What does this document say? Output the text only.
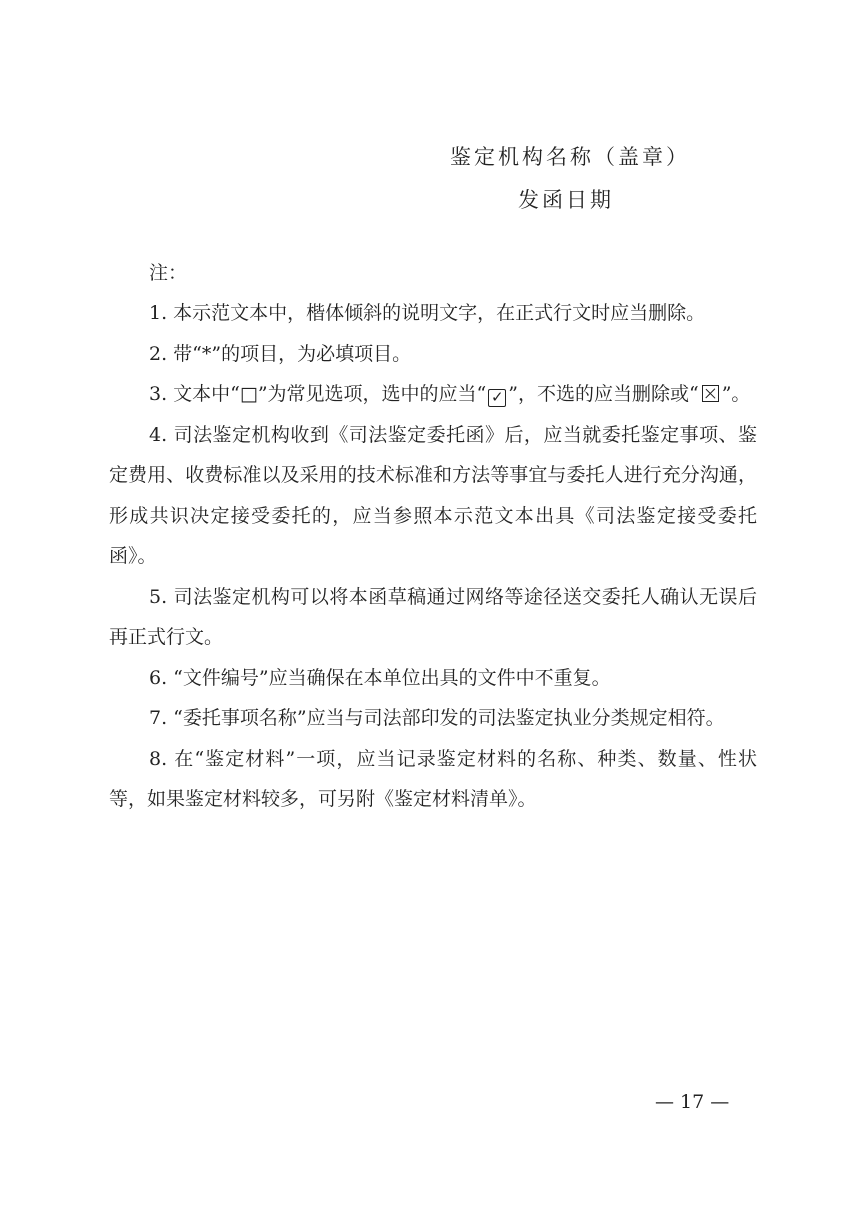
鉴定机构名称（盖章）

发函日期

注：

1. 本示范文本中，楷体倾斜的说明文字，在正式行文时应当删除。
2. 带“*”的项目，为必填项目。
3. 文本中“□”为常见选项，选中的应当“ ✓ ”，不选的应当删除或“ ☒ ”。
4. 司法鉴定机构收到《司法鉴定委托函》后，应当就委托鉴定事项、鉴定费用、收费标准以及采用的技术标准和方法等事宜与委托人进行充分沟通，形成共识决定接受委托的，应当参照本示范文本出具《司法鉴定接受委托函》。
5. 司法鉴定机构可以将本函草稿通过网络等途径送交委托人确认无误后再正式行文。
6. “文件编号”应当确保在本单位出具的文件中不重复。
7. “委托事项名称”应当与司法部印发的司法鉴定执业分类规定相符。
8. 在“鉴定材料”一项，应当记录鉴定材料的名称、种类、数量、性状等，如果鉴定材料较多，可另附《鉴定材料清单》。

— 17 —
